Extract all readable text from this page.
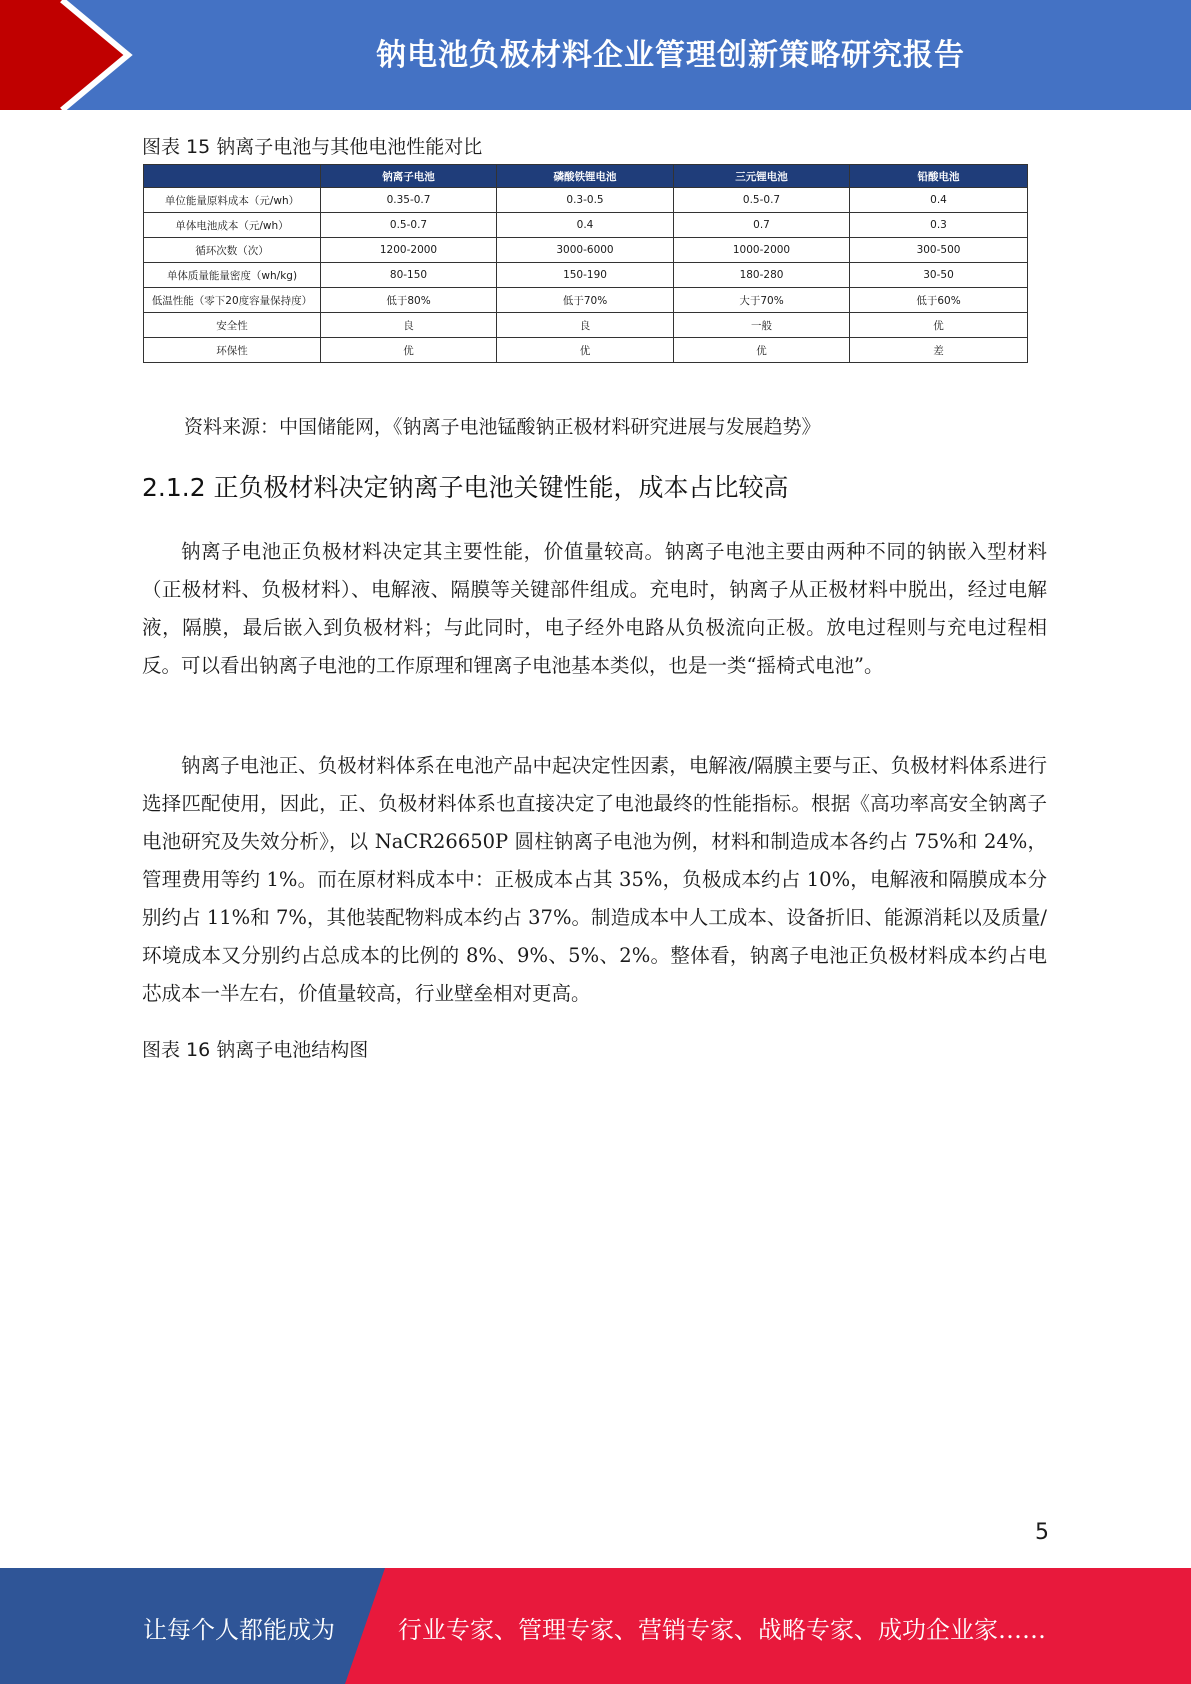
钠电池负极材料企业管理创新策略研究报告
图表 15 钠离子电池与其他电池性能对比
	钠离子电池	磷酸铁锂电池	三元锂电池	铅酸电池
单位能量原料成本（元/wh）	0.35-0.7	0.3-0.5	0.5-0.7	0.4
单体电池成本（元/wh）	0.5-0.7	0.4	0.7	0.3
循环次数（次）	1200-2000	3000-6000	1000-2000	300-500
单体质量能量密度（wh/kg)	80-150	150-190	180-280	30-50
低温性能（零下20度容量保持度）	低于80%	低于70%	大于70%	低于60%
安全性	良	良	一般	优
环保性	优	优	优	差
资料来源：中国储能网，《钠离子电池锰酸钠正极材料研究进展与发展趋势》
2.1.2 正负极材料决定钠离子电池关键性能，成本占比较高

钠离子电池正负极材料决定其主要性能，价值量较高。钠离子电池主要由两种不同的钠嵌入型材料（正极材料、负极材料）、电解液、隔膜等关键部件组成。充电时，钠离子从正极材料中脱出，经过电解液，隔膜，最后嵌入到负极材料；与此同时，电子经外电路从负极流向正极。放电过程则与充电过程相反。可以看出钠离子电池的工作原理和锂离子电池基本类似，也是一类“摇椅式电池”。

钠离子电池正、负极材料体系在电池产品中起决定性因素，电解液/隔膜主要与正、负极材料体系进行选择匹配使用，因此，正、负极材料体系也直接决定了电池最终的性能指标。根据《高功率高安全钠离子电池研究及失效分析》，以 NaCR26650P 圆柱钠离子电池为例，材料和制造成本各约占 75%和 24%，管理费用等约 1%。而在原材料成本中：正极成本占其 35%，负极成本约占 10%，电解液和隔膜成本分别约占 11%和 7%，其他装配物料成本约占 37%。制造成本中人工成本、设备折旧、能源消耗以及质量/环境成本又分别约占总成本的比例的 8%、9%、5%、2%。整体看，钠离子电池正负极材料成本约占电芯成本一半左右，价值量较高，行业壁垒相对更高。

图表 16 钠离子电池结构图
5
让每个人都能成为	行业专家、管理专家、营销专家、战略专家、成功企业家……
